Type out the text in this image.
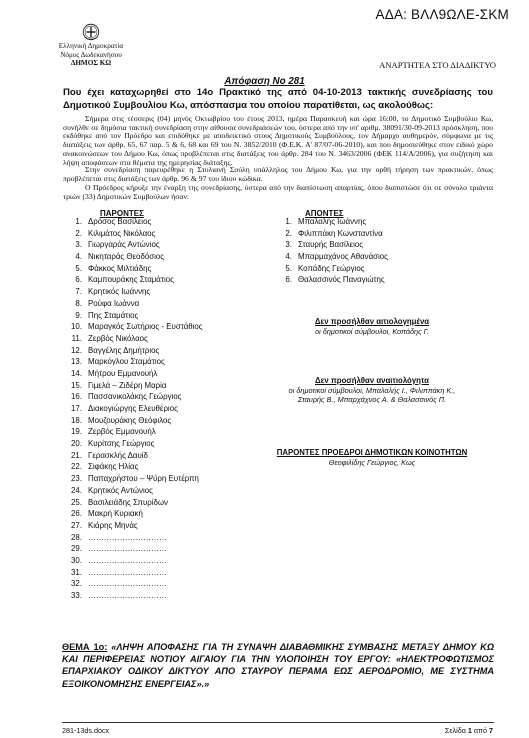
ΑΔΑ: ΒΛΛ9ΩΛΕ-ΣΚΜ
Ελληνική Δημοκρατία
Νόμος Δωδεκανήσου
ΔΗΜΟΣ ΚΩ	ΑΝΑΡΤΗΤΕΑ ΣΤΟ ΔΙΑΔΙΚΤΥΟ
Απόφαση Νο 281
Που έχει καταχωρηθεί στο 14ο Πρακτικό της από 04-10-2013 τακτικής συνεδρίασης του Δημοτικού Συμβουλίου Κω, απόσπασμα του οποίου παρατίθεται, ως ακολούθως:

Σήμερα στις τέσσερις (04) μηνός Οκτωβρίου του έτους 2013, ημέρα Παρασκευή και ώρα 16:00, το Δημοτικό Συμβούλιο Κω, συνήλθε σε δημόσια τακτική συνεδρίαση στην αίθουσα συνεδριάσεών του, ύστερα από την υπ' αριθμ. 38091/30-09-2013 πρόσκληση, που εκδόθηκε από τον Πρόεδρο και επιδόθηκε με αποδεικτικό στους Δημοτικούς Συμβούλους, τον Δήμαρχο αυθημερόν, σύμφωνα με τις διατάξεις των άρθρ. 65, 67 παρ. 5 & 6, 68 και 69 του Ν. 3852/2010 (Φ.Ε.Κ. Α' 87/07-06-2010), και που δημοσιεύθηκε στον ειδικό χώρο ανακοινώσεων του Δήμου Κω, όπως προβλέπεται στις διατάξεις του άρθρ. 284 του Ν. 3463/2006 (ΦΕΚ 114/Α/2006), για συζήτηση και λήψη αποφάσεων στα θέματα της ημερησίας διάταξης.

Στην συνεδρίαση παρευρέθηκε η Στυλιανή Σούλη υπάλληλος του Δήμου Κω, για την ορθή τήρηση των πρακτικών, όπως προβλέπεται στις διατάξεις των άρθρ. 96 & 97 του ίδιου κώδικα.

Ο Πρόεδρος κήρυξε την έναρξη της συνεδρίασης, ύστερα από την διαπίστωση απαρτίας, όπου διαπιστώσε ότι σε σύνολο τριάντα τριών (33) Δημοτικών Συμβούλων ήσαν:

ΠΑΡΟΝΤΕΣ	ΑΠΟΝΤΕΣ
1. Δρόσος Βασίλειος
2. Κιλιμάτος Νικόλαος
3. Γιωργαράς Αντώνιος
4. Νικηταράς Θεοδόσιος
5. Φάκκος Μιλτιάδης
6. Καμπουράκης Σταμάτιος
7. Κρητικός Ιωάννης
8. Ρούφα Ιωάννα
9. Πης Σταμάτιος
10. Μαραγκός Σωτήριος - Ευστάθιος
11. Ζερβός Νικόλαος
12. Βαγγέλης Δημήτριος
13. Μαρκόγλου Σταμάτιος
14. Μήτρου Εμμανουήλ
15. Γιμελά – Ζιδέρη Μαρία
16. Πασσανικολάκης Γεώργιος
17. Διακογιώργης Ελευθέριος
18. Μουζουράκης Θεόφιλος
19. Ζερβός Εμμανουήλ
20. Κυρίτσης Γεώργιος
21. Γερασκλής Δαυίδ
22. Σιφάκης Ηλίας
23. Παπαχρήστου – Ψύρη Ευτέρπη
24. Κρητικός Αντώνιος
25. Βασιλειάδης Σπυρίδων
26. Μακρή Κυριακή
27. Κιάρης Μηνάς
28. …………………………
29. …………………………
30. …………………………
31. …………………………
32. …………………………
33. …………………………
1. Μπαλαλής Ιωάννης
2. Φιλιππάκη Κωνσταντίνα
3. Σταυρής Βασίλειος
4. Μπαρμαχάνος Αθανάσιος
5. Κοπάδης Γεώργιος
6. Θαλασσινός Παναγιώτης
Δεν προσήλθαν αιτιολογημένα
οι δημοτικοί σύμβουλοι, Κοπάδης Γ.
Δεν προσήλθαν αναιτιολόγητα
οι δημοτικοί σύμβουλοι, Μπαλαλής Ι., Φιλιππάκη Κ.,
Σταυρής Β., Μπαρχάχνος Α. & Θαλασσινός Π.
ΠΑΡΟΝΤΕΣ ΠΡΟΕΔΡΟΙ ΔΗΜΟΤΙΚΩΝ ΚΟΙΝΟΤΗΤΩΝ
Θεοφιλίδης Γεώργιος, Κως
ΘΕΜΑ 1ο: «ΛΗΨΗ ΑΠΟΦΑΣΗΣ ΓΙΑ ΤΗ ΣΥΝΑΨΗ ΔΙΑΒΑΘΜΙΚΗΣ ΣΥΜΒΑΣΗΣ ΜΕΤΑΞΥ ΔΗΜΟΥ ΚΩ ΚΑΙ ΠΕΡΙΦΕΡΕΙΑΣ ΝΟΤΙΟΥ ΑΙΓΑΙΟΥ ΓΙΑ ΤΗΝ ΥΛΟΠΟΙΗΣΗ ΤΟΥ ΕΡΓΟΥ: «ΗΛΕΚΤΡΟΦΩΤΙΣΜΟΣ ΕΠΑΡΧΙΑΚΟΥ ΟΔΙΚΟΥ ΔΙΚΤΥΟΥ ΑΠΟ ΣΤΑΥΡΟΥ ΠΕΡΑΜΑ ΕΩΣ ΑΕΡΟΔΡΟΜΙΟ, ΜΕ ΣΥΣΤΗΜΑ ΕΞΟΙΚΟΝΟΜΗΣΗΣ ΕΝΕΡΓΕΙΑΣ».»
281-13ds.docx	Σελίδα 1 από 7
